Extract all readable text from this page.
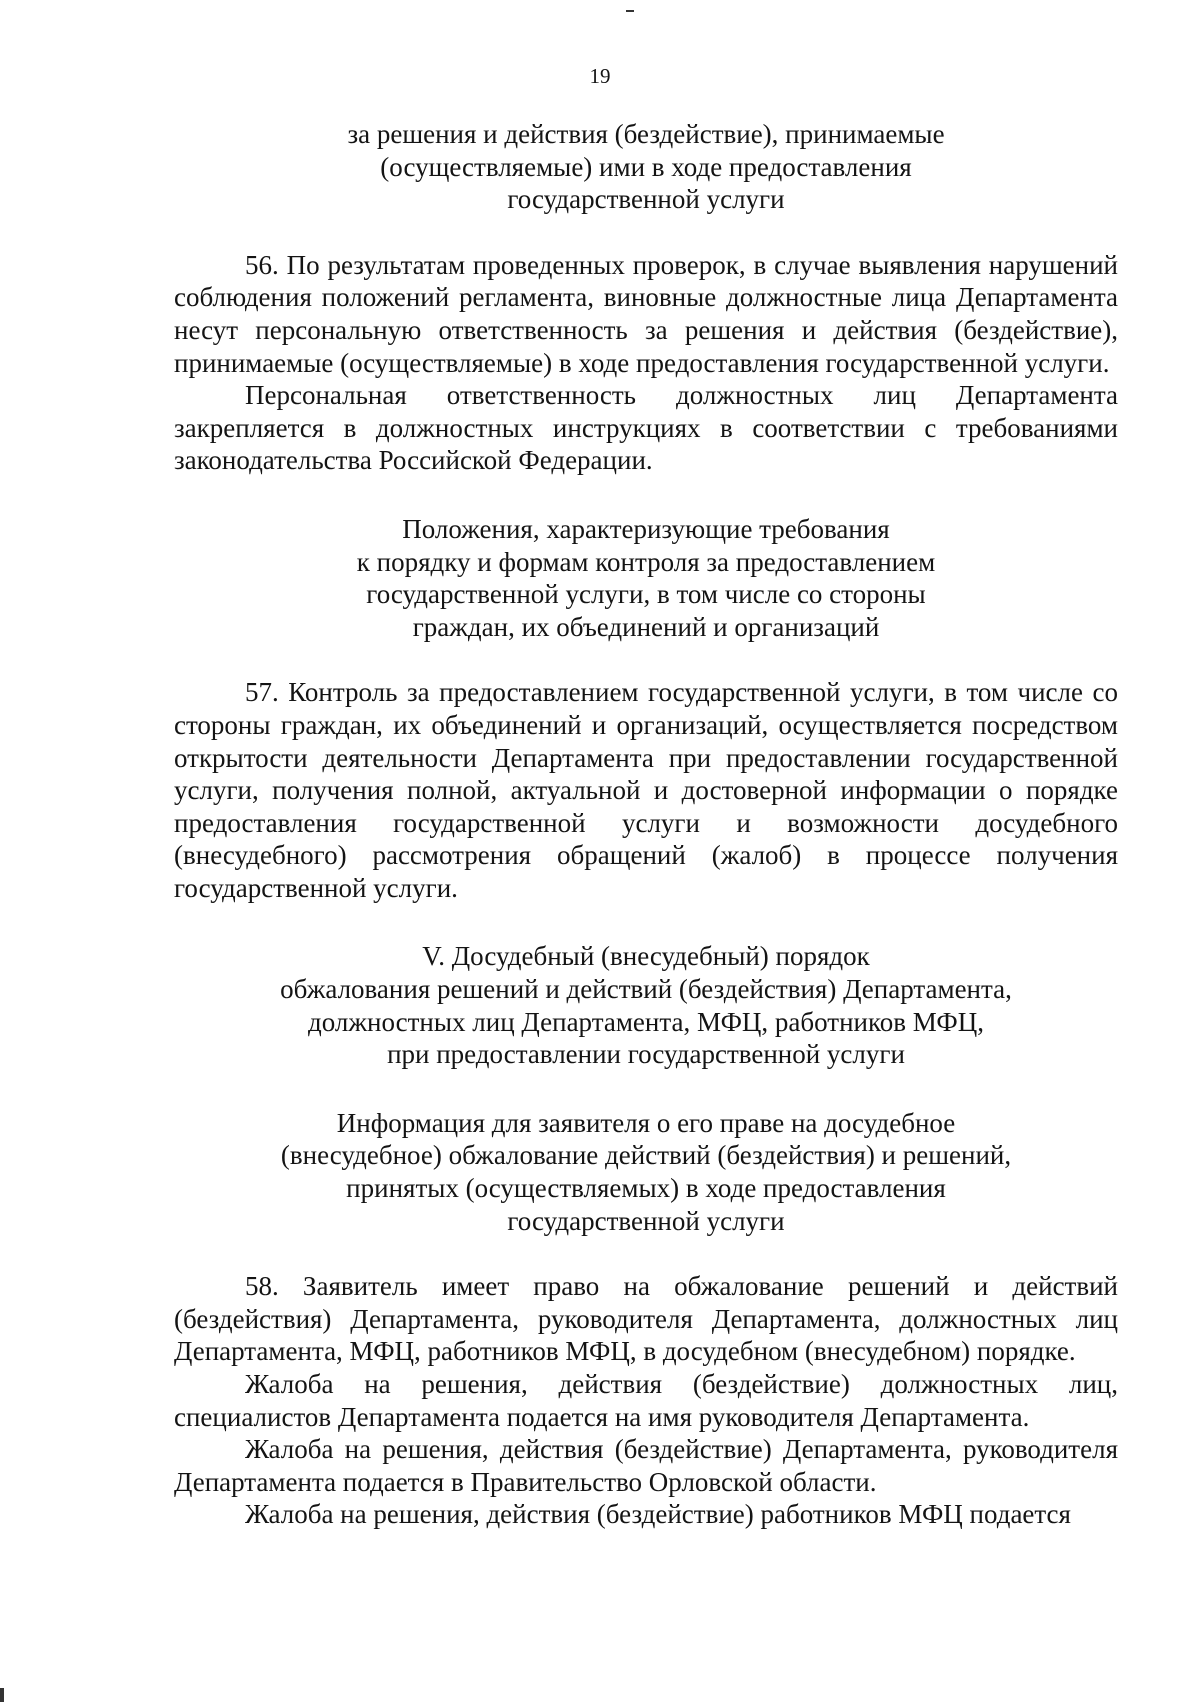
19
за решения и действия (бездействие), принимаемые
(осуществляемые) ими в ходе предоставления
государственной услуги

56. По результатам проведенных проверок, в случае выявления нарушений соблюдения положений регламента, виновные должностные лица Департамента несут персональную ответственность за решения и действия (бездействие), принимаемые (осуществляемые) в ходе предоставления государственной услуги.

Персональная ответственность должностных лиц Департамента закрепляется в должностных инструкциях в соответствии с требованиями законодательства Российской Федерации.

Положения, характеризующие требования
к порядку и формам контроля за предоставлением
государственной услуги, в том числе со стороны
граждан, их объединений и организаций

57. Контроль за предоставлением государственной услуги, в том числе со стороны граждан, их объединений и организаций, осуществляется посредством открытости деятельности Департамента при предоставлении государственной услуги, получения полной, актуальной и достоверной информации о порядке предоставления государственной услуги и возможности досудебного (внесудебного) рассмотрения обращений (жалоб) в процессе получения государственной услуги.

V. Досудебный (внесудебный) порядок
обжалования решений и действий (бездействия) Департамента,
должностных лиц Департамента, МФЦ, работников МФЦ,
при предоставлении государственной услуги
Информация для заявителя о его праве на досудебное
(внесудебное) обжалование действий (бездействия) и решений,
принятых (осуществляемых) в ходе предоставления
государственной услуги

58. Заявитель имеет право на обжалование решений и действий (бездействия) Департамента, руководителя Департамента, должностных лиц Департамента, МФЦ, работников МФЦ, в досудебном (внесудебном) порядке.

Жалоба на решения, действия (бездействие) должностных лиц, специалистов Департамента подается на имя руководителя Департамента.

Жалоба на решения, действия (бездействие) Департамента, руководителя Департамента подается в Правительство Орловской области.

Жалоба на решения, действия (бездействие) работников МФЦ подается
